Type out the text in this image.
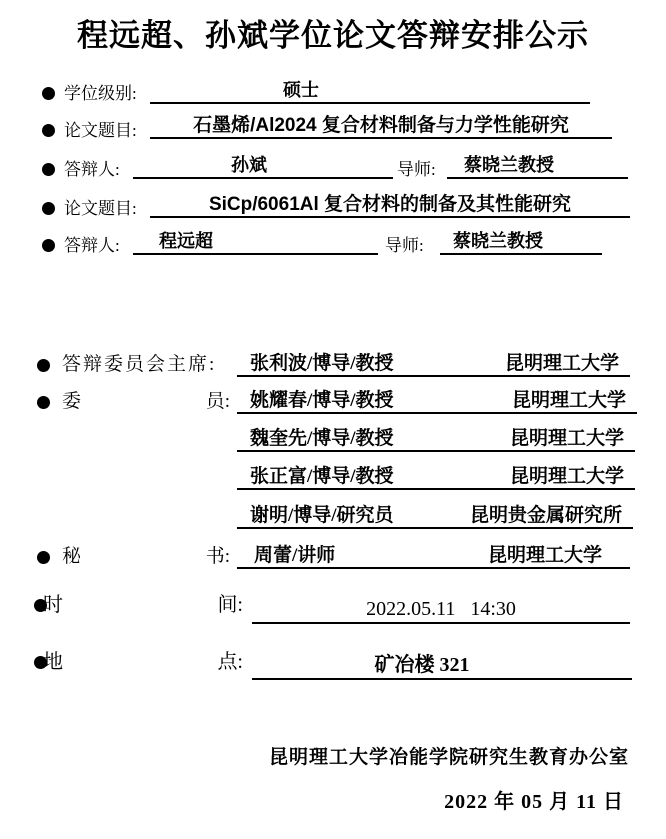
程远超、孙斌学位论文答辩安排公示
学位级别:	硕士
论文题目:	石墨烯/Al2024 复合材料制备与力学性能研究
答辩人:	孙斌	导师: 蔡晓兰教授
论文题目:	SiCp/6061Al 复合材料的制备及其性能研究
答辩人: 程远超	导师: 蔡晓兰教授
答辩委员会主席: 张利波/博导/教授	昆明理工大学
委	员: 姚耀春/博导/教授	昆明理工大学
魏奎先/博导/教授	昆明理工大学
张正富/博导/教授	昆明理工大学
谢明/博导/研究员	昆明贵金属研究所
秘	书: 周蕾/讲师	昆明理工大学
时	间:	2022.05.11   14:30
地	点:	矿冶楼 321
昆明理工大学冶能学院研究生教育办公室
2022 年 05 月 11 日
